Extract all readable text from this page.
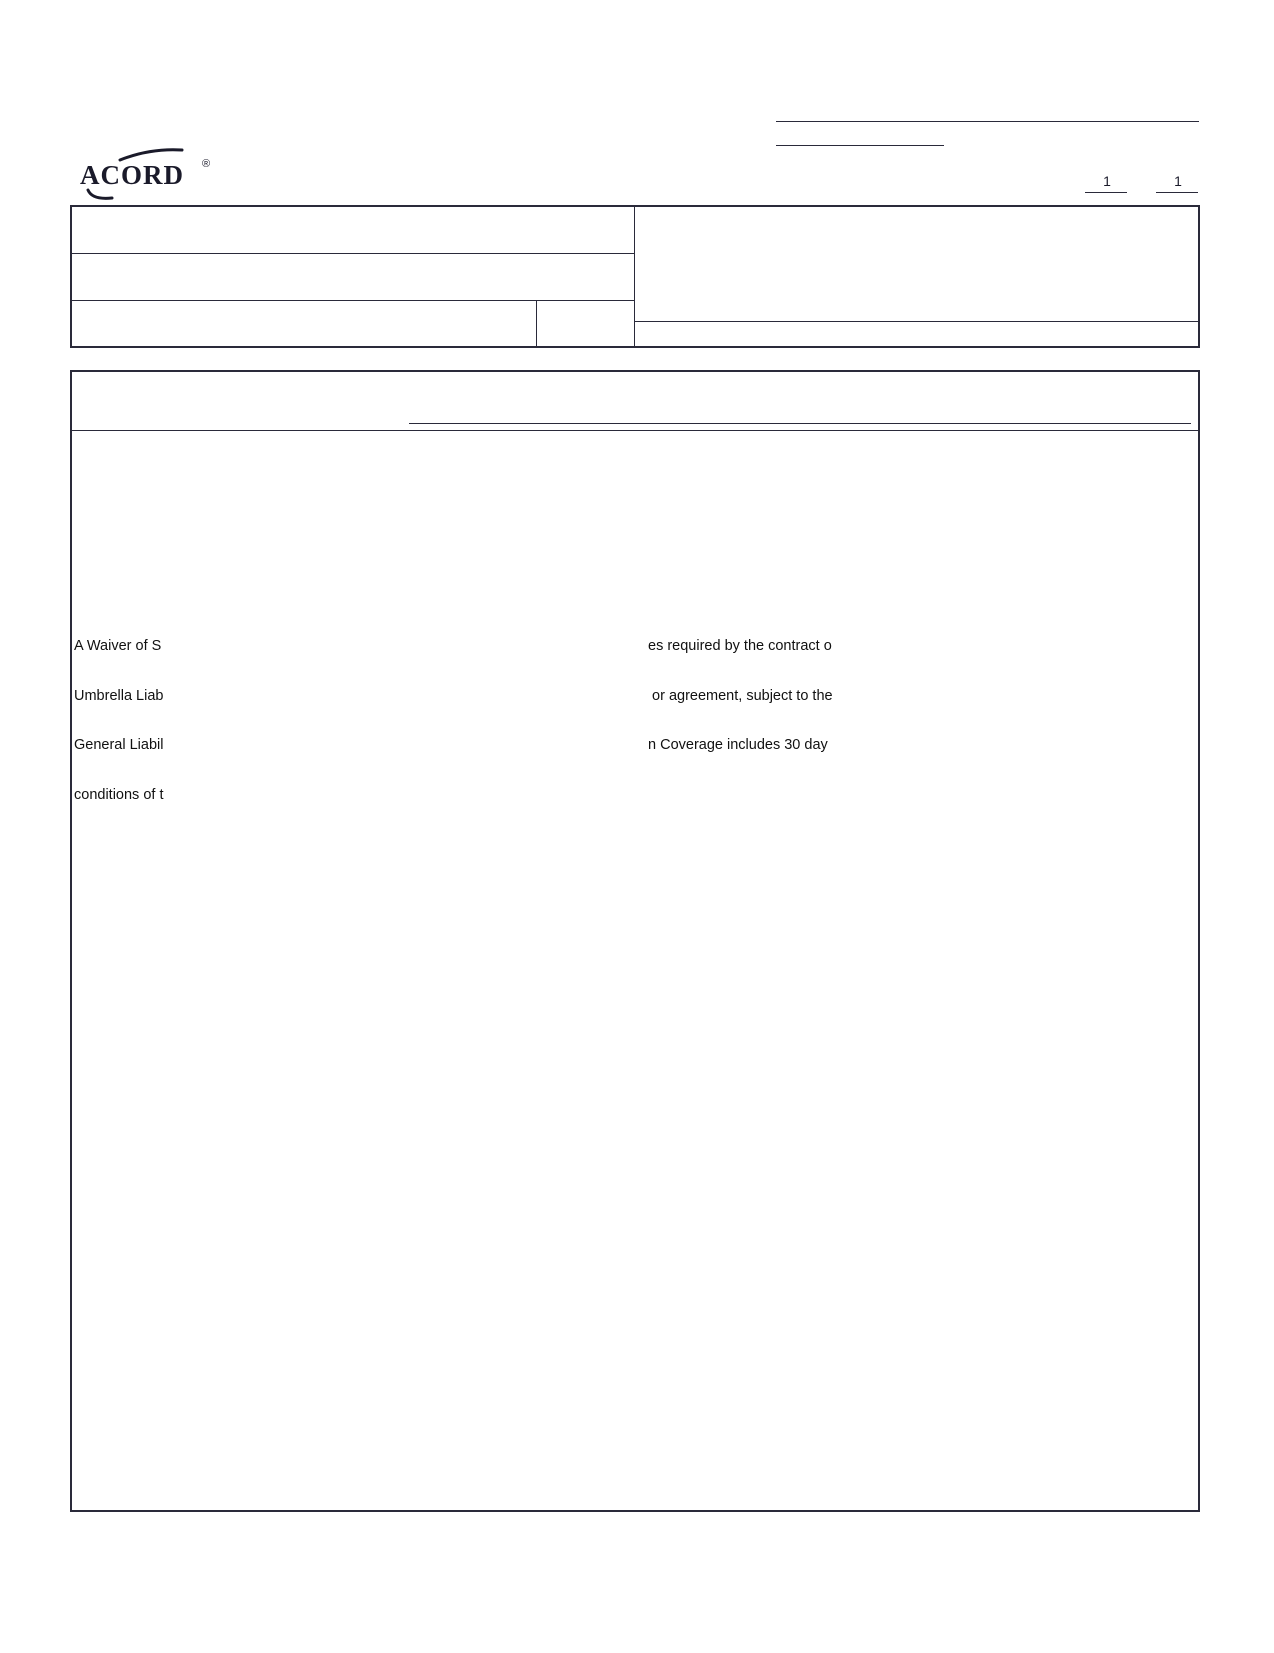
ACORD ®
1	1

A Waiver of S

Umbrella Liab

General Liabil

conditions of t

es required by the contract o

or agreement, subject to the

n Coverage includes 30 day
